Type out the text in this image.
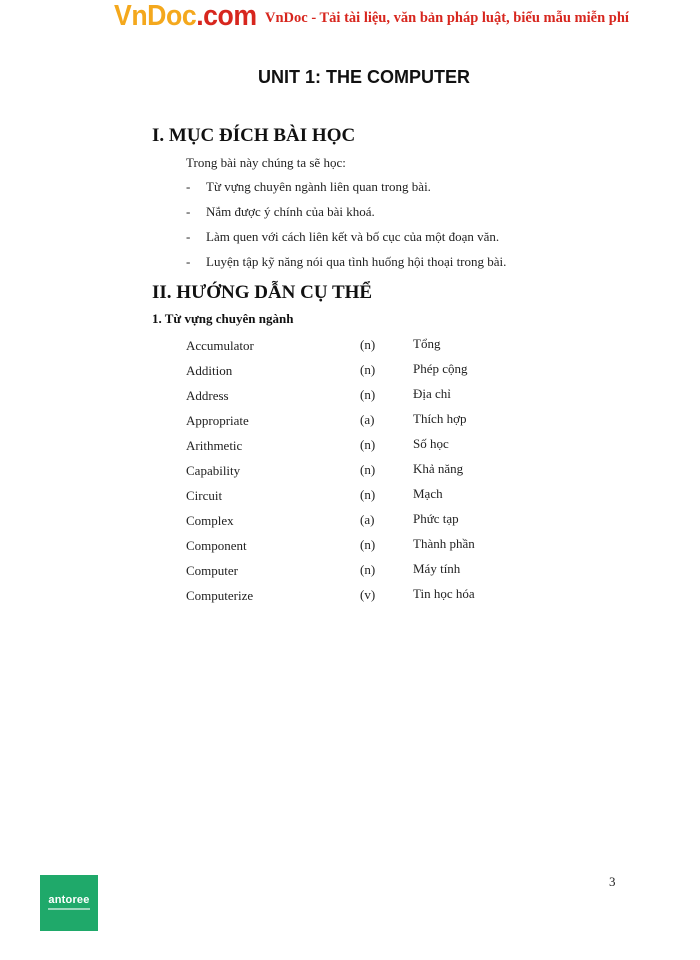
VnDoc.com VnDoc - Tải tài liệu, văn bản pháp luật, biểu mẫu miễn phí
UNIT 1: THE COMPUTER
I. MỤC ĐÍCH BÀI HỌC
Trong bài này chúng ta sẽ học:
- Từ vựng chuyên ngành liên quan trong bài.
- Nắm được ý chính của bài khoá.
- Làm quen với cách liên kết và bố cục của một đoạn văn.
- Luyện tập kỹ năng nói qua tình huống hội thoại trong bài.
II. HƯỚNG DẪN CỤ THỂ
1. Từ vựng chuyên ngành
Accumulator	(n)	Tổng
Addition	(n)	Phép cộng
Address	(n)	Địa chỉ
Appropriate	(a)	Thích hợp
Arithmetic	(n)	Số học
Capability	(n)	Khả năng
Circuit	(n)	Mạch
Complex	(a)	Phức tạp
Component	(n)	Thành phần
Computer	(n)	Máy tính
Computerize	(v)	Tin học hóa
3
antoree
